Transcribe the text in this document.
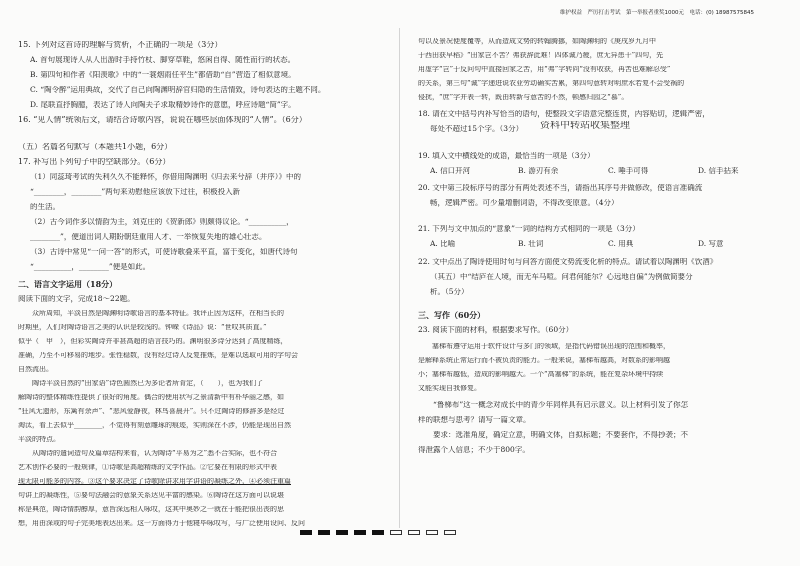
维护权益　严厉打击考试　第一举报者重奖1000元　电话：(0) 18987575845
15. 下列对这首诗的理解与赏析，不正确的一项是（3分）
A. 首句展现诗人从人出游时手持竹杖、脚穿草鞋，悠闲自得、随性而行的状态。
B. 第四句和作者《阳羡歌》中的“一蓑烟雨任平生”都借助“自”营造了相似意境。
C. “陶令醉”运用典故，交代了自己向陶渊明辞官归隐的生活情致，诗句表达的主题不同。
D. 尾联直抒胸臆，表达了诗人向陶夫子求取精妙诗作的意愿，呼应诗题“简”字。
16. “见人情”统领后文，请结合诗歌内容，说说在哪些层面体现的“人情”。（6分）
（五）名篇名句默写（本题共1小题，6分）
17. 补写出下列句子中的空缺部分。（6分）
（1）同蕊琦考试的失利久久不能释怀，你借用陶渊明《归去来兮辞（并序）》中的
“________，________”两句来劝慰他应该放下过往，积极投入新
的生活。
（2）古今词作多以情韵为主，刘克庄的《贺新郎》则颇得议论。“__________，
________”，便道出词人期盼朝廷重用人才、一举恢复失地的雄心壮志。
（3）古诗中常见“一问一答”的形式，可使诗歌叠来平直，富于变化，如唐代诗句
“__________，________”便是如此。
二、语言文字运用（18分）
阅读下面的文字，完成18～22题。
　　众所周知，平淡自然是陶渊明诗歌语言的基本特征。我评正因为这样，在相当长的
时期里，人们对陶诗语言之美的认识是较浅的。钟嵘《诗品》说：“世叹其质直。”
似乎（　甲　），但彩实陶诗并非甚高超的语言技巧的。渊明很多诗分达到了高度精练，
准确，乃至不可移易的地步。张性稳数，没有经过诗人反复推炼，是难以选取可用的字句会
自然流出。
　　陶诗平淡自然的“田家语”诗色圆然已为多论者所肯定，（　　），也为我们了
解陶诗的整体精练性提供了很好的角度。偶合的使用状写之景清新中有朴华丽之感，如
“狂风无遗形，东篱有余声”、“悲风爱静夜，林鸟喜晨开”。只不过陶诗的修辞多是经过
淘汰，看上去似乎________，不觉得有刻意雕琢的痕迹，实则深在不涉，仍能是现出自然
平淡的特点。
　　从陶诗的遣词造句及篇章结构来看，认为陶诗“平易为之”悉不合实际，也不符合
艺术创作必要的一般规律，①诗歌是高超精练的文学作品。②它要在有限的形式中表
现无限可能多的内容。③这个要求决定了诗歌除讲求用字讲语的凝练之外，④必须注重篇
句讲上的凝练性，⑤要句法融会的意象关系达见丰富的感染。⑥陶诗在这方面可以说堪
称是典范，陶诗情韵醇厚，意旨深远相人咏叹，这其中奥妙之一就在于能把很出丧的思
想，用由深或的句子完美地表达出来。这一方面得力于他寝毕咏叹写，与广泛使用设问、反问
句以及景况便度覆等，从而造成文势的转翰腾挪，如陶渊明的《庚戌岁九月中
于西田获早稻》“田家岂不苦？弗获辞此难！四体诚乃疲，庶无异患干”四句，先
用虚字“岂”于反问句中直接回家之苦，用“弗”字转向“没有收获，再苦也难解忍受”
的关系，第三句“诚”字递进说农业劳动确实苦累，第四句意转对明庶水若复不会受祸的
侵扰，“庶”字并表一转，既由转新与意苦的不然，顿感归园之“慕”。
18. 请在文中括号内补写恰当的语句，使整段文字语意完整连贯，内容贴切，逻辑严密，
每处不超过15个字。（3分） 资料中转站收集整理
19. 填入文中横线处的成语，最恰当的一项是（3分）
A. 信口开河	B. 游刃有余	C. 唾手可得	D. 信手拈来
20. 文中第三段标序号的部分有两处表述不当，请指出其序号并做修改，使语言准确流
畅，逻辑严密。可少量增删词语，不得改变原意。（4分）
21. 下列与文中加点的“意象”一词的结构方式相同的一项是（3分）
A. 比喻	B. 壮词	C. 用典	D. 写意
22. 文中点出了陶诗使用时句与问答方面使文势流变化析的特点。请试着以陶渊明《饮酒》
（其五）中“结庐在人境，而无车马喧。问君何能尔？心远地自偏”为例做简要分
析。（5分）
三、写作（60分）
23. 阅读下面的材料，根据要求写作。（60分）
　　塞梯布遵守运用于软件设计与多门的领域，是指代码错误出现的范围和概率，
是解释系统正常运行而不被负责的能力。一般来说，塞梯布越高，对数系的影响越
小；塞梯布越低，造成的影响越大。一个“高塞梯”的系统，能在复杂环境中持续
又能实现自我修复。
　　“鲁梯布”这一概念对成长中的青少年同样具有启示意义。以上材料引发了你怎
样的联想与思考？请写一篇文章。
　　要求：选准角度，确定立意，明确文体，自拟标题；不要套作，不得抄袭；不
得泄露个人信息；不少于800字。
